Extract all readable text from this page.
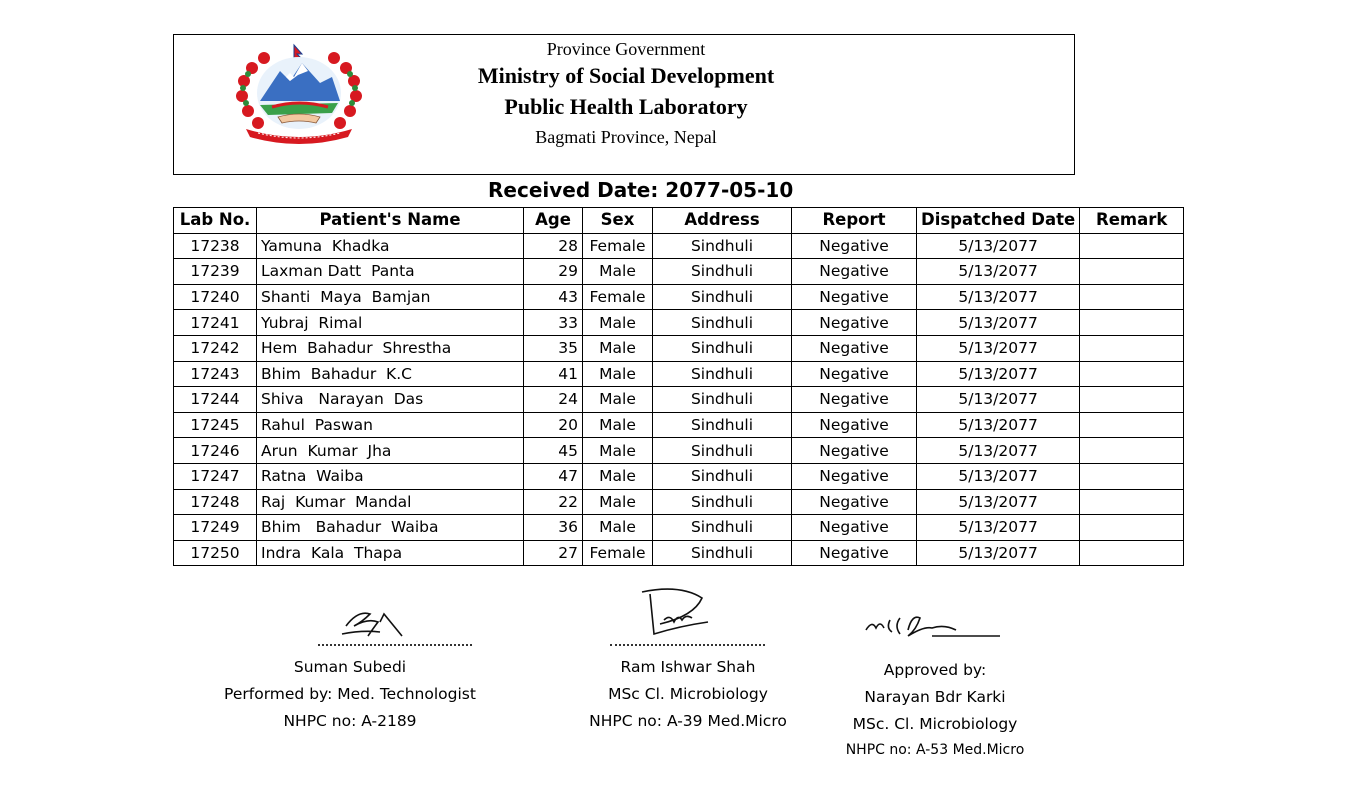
Province Government
Ministry of Social Development
Public Health Laboratory
Bagmati Province, Nepal
Received Date: 2077-05-10
Lab No.	Patient's Name	Age	Sex	Address	Report	Dispatched Date	Remark
17238	Yamuna  Khadka	28	Female	Sindhuli	Negative	5/13/2077	
17239	Laxman Datt  Panta	29	Male	Sindhuli	Negative	5/13/2077	
17240	Shanti  Maya  Bamjan	43	Female	Sindhuli	Negative	5/13/2077	
17241	Yubraj  Rimal	33	Male	Sindhuli	Negative	5/13/2077	
17242	Hem  Bahadur  Shrestha	35	Male	Sindhuli	Negative	5/13/2077	
17243	Bhim  Bahadur  K.C	41	Male	Sindhuli	Negative	5/13/2077	
17244	Shiva   Narayan  Das	24	Male	Sindhuli	Negative	5/13/2077	
17245	Rahul  Paswan	20	Male	Sindhuli	Negative	5/13/2077	
17246	Arun  Kumar  Jha	45	Male	Sindhuli	Negative	5/13/2077	
17247	Ratna  Waiba	47	Male	Sindhuli	Negative	5/13/2077	
17248	Raj  Kumar  Mandal	22	Male	Sindhuli	Negative	5/13/2077	
17249	Bhim   Bahadur  Waiba	36	Male	Sindhuli	Negative	5/13/2077	
17250	Indra  Kala  Thapa	27	Female	Sindhuli	Negative	5/13/2077	
Suman Subedi
Performed by: Med. Technologist
NHPC no: A-2189
Ram Ishwar Shah
MSc Cl. Microbiology
NHPC no: A-39 Med.Micro
Approved by:
Narayan Bdr Karki
MSc. Cl. Microbiology
NHPC no: A-53 Med.Micro
